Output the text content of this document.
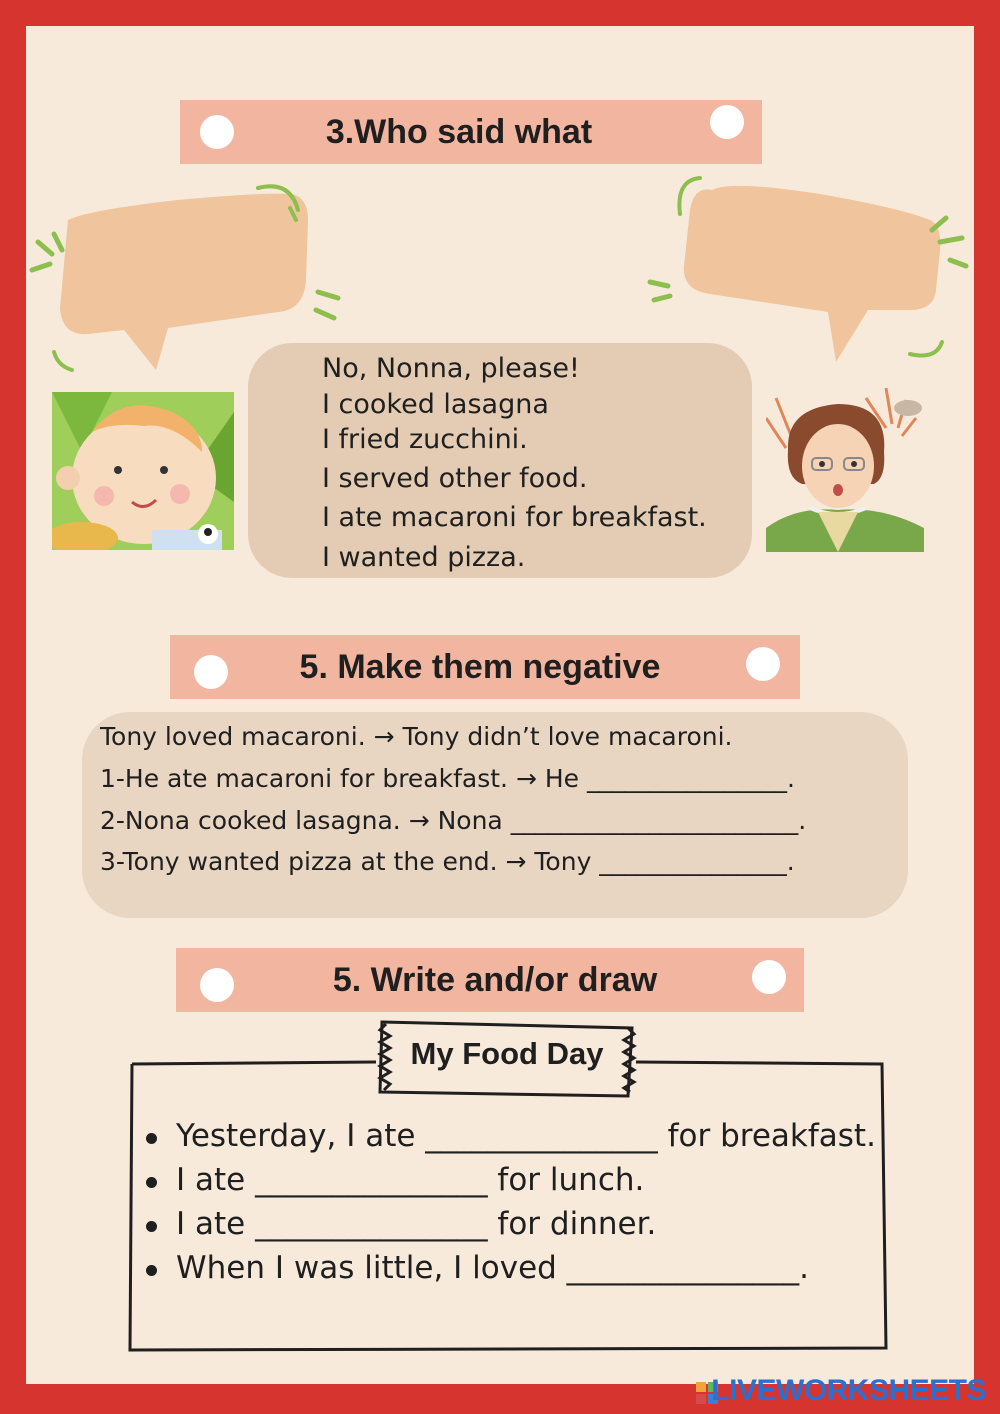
3.Who said what
No, Nonna, please!
I cooked lasagna
I fried zucchini.
I served other food.
I ate macaroni for breakfast.
I wanted pizza.
5. Make them negative
Tony loved macaroni. → Tony didn’t love macaroni.
1-He ate macaroni for breakfast. → He ________________.
2-Nona cooked lasagna. → Nona _______________________.
3-Tony wanted pizza at the end. → Tony _______________.
5. Write and/or draw
My Food Day
Yesterday, I ate _______________ for breakfast.
I ate _______________ for lunch.
I ate _______________ for dinner.
When I was little, I loved _______________.
LIVEWORKSHEETS
